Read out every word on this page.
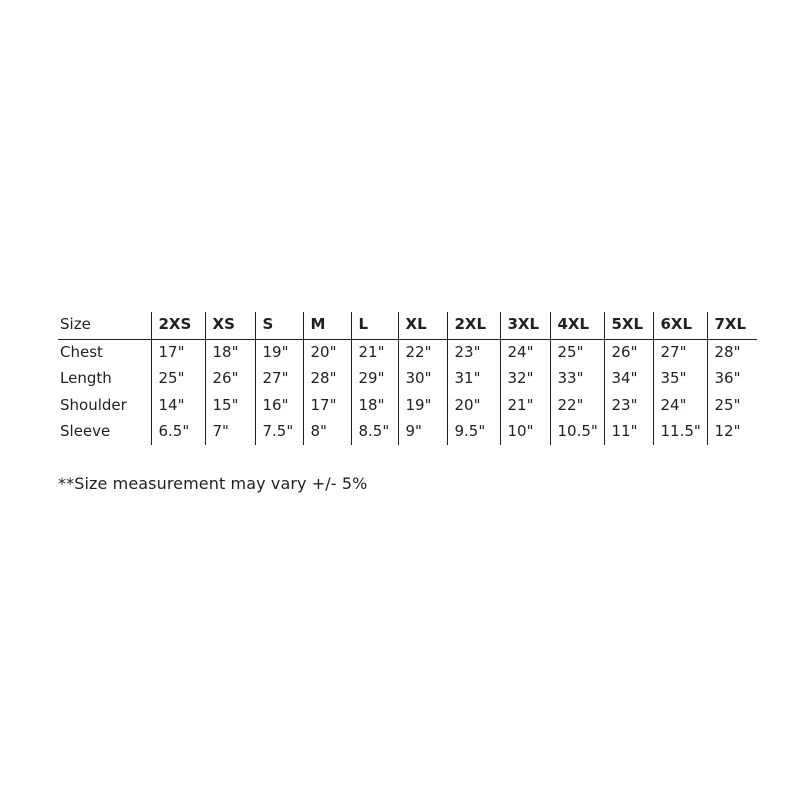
Size	2XS	XS	S	M	L	XL	2XL	3XL	4XL	5XL	6XL	7XL
Chest	17"	18"	19"	20"	21"	22"	23"	24"	25"	26"	27"	28"
Length	25"	26"	27"	28"	29"	30"	31"	32"	33"	34"	35"	36"
Shoulder	14"	15"	16"	17"	18"	19"	20"	21"	22"	23"	24"	25"
Sleeve	6.5"	7"	7.5"	8"	8.5"	9"	9.5"	10"	10.5"	11"	11.5"	12"
**Size measurement may vary +/- 5%
